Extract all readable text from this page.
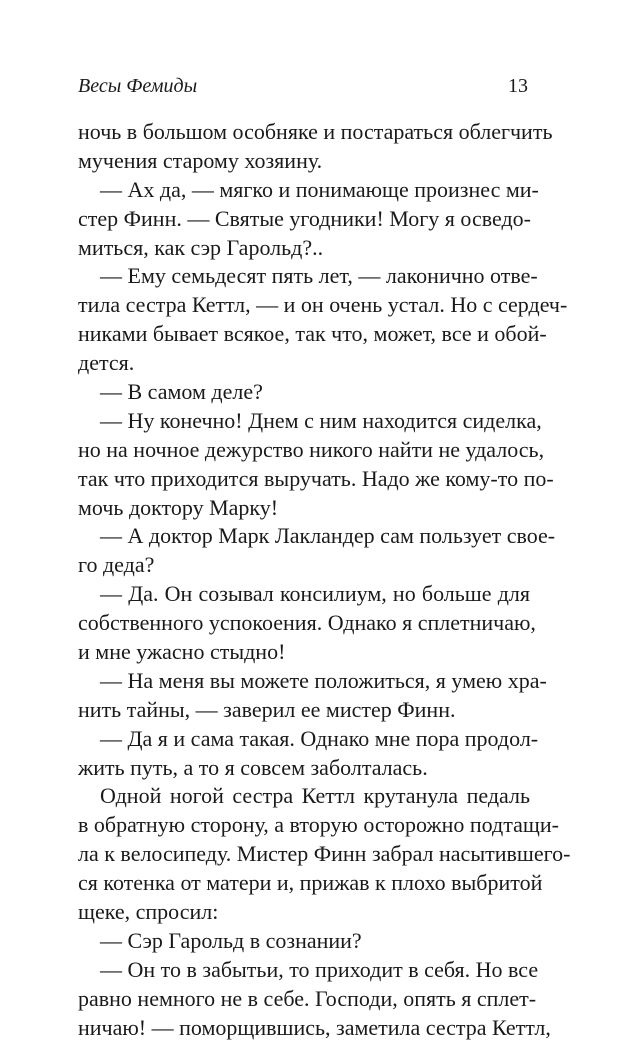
Весы Фемиды	13
ночь в большом особняке и постараться облегчить
мучения старому хозяину.
— Ах да, — мягко и понимающе произнес ми-
стер Финн. — Святые угодники! Могу я осведо-
миться, как сэр Гарольд?..
— Ему семьдесят пять лет, — лаконично отве-
тила сестра Кеттл, — и он очень устал. Но с сердеч-
никами бывает всякое, так что, может, все и обой-
дется.
— В самом деле?
— Ну конечно! Днем с ним находится сиделка,
но на ночное дежурство никого найти не удалось,
так что приходится выручать. Надо же кому-то по-
мочь доктору Марку!
— А доктор Марк Лакландер сам пользует свое-
го деда?
— Да. Он созывал консилиум, но больше для
собственного успокоения. Однако я сплетничаю,
и мне ужасно стыдно!
— На меня вы можете положиться, я умею хра-
нить тайны, — заверил ее мистер Финн.
— Да я и сама такая. Однако мне пора продол-
жить путь, а то я совсем заболталась.
Одной ногой сестра Кеттл крутанула педаль
в обратную сторону, а вторую осторожно подтащи-
ла к велосипеду. Мистер Финн забрал насытившего-
ся котенка от матери и, прижав к плохо выбритой
щеке, спросил:
— Сэр Гарольд в сознании?
— Он то в забытьи, то приходит в себя. Но все
равно немного не в себе. Господи, опять я сплет-
ничаю! — поморщившись, заметила сестра Кеттл,
